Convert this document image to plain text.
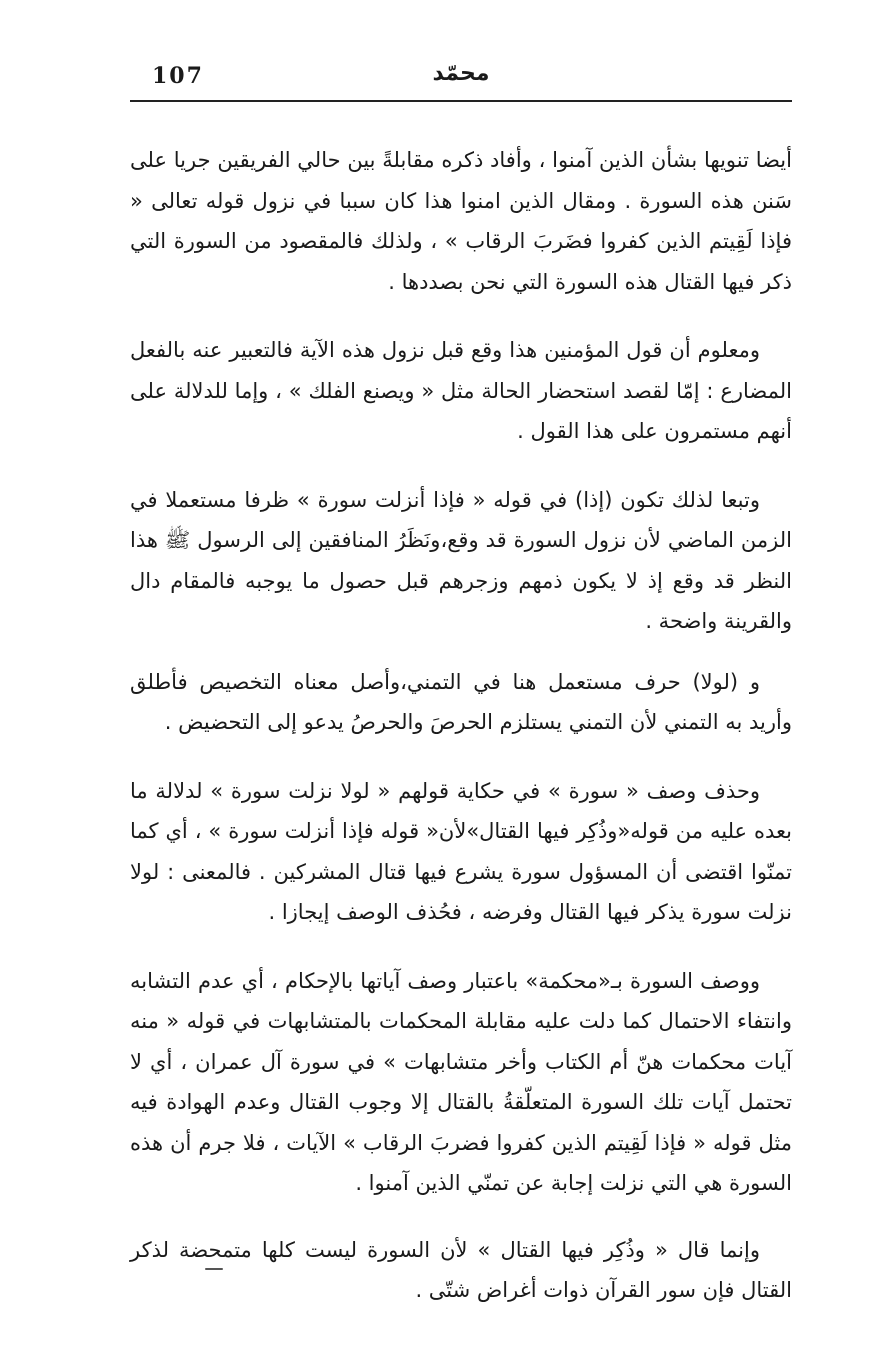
107	محمّد

أيضا تنويها بشأن الذين آمنوا ، وأفاد ذكره مقابلةً بين حالي الفريقين جريا على سَنن هذه السورة . ومقال الذين امنوا هذا كان سببا في نزول قوله تعالى « فإذا لَقِيتم الذين كفروا فضَربَ الرقاب » ، ولذلك فالمقصود من السورة التي ذكر فيها القتال هذه السورة التي نحن بصددها .

ومعلوم أن قول المؤمنين هذا وقع قبل نزول هذه الآية فالتعبير عنه بالفعل المضارع : إمّا لقصد استحضار الحالة مثل « ويصنع الفلك » ، وإما للدلالة على أنهم مستمرون على هذا القول .

وتبعا لذلك تكون (إذا) في قوله « فإذا أنزلت سورة » ظرفا مستعملا في الزمن الماضي لأن نزول السورة قد وقع،ونَظَرُ المنافقين إلى الرسول ﷺ هذا النظر قد وقع إذ لا يكون ذمهم وزجرهم قبل حصول ما يوجبه فالمقام دال والقرينة واضحة .

و (لولا) حرف مستعمل هنا في التمني،وأصل معناه التخصيص فأطلق وأريد به التمني لأن التمني يستلزم الحرصَ والحرصُ يدعو إلى التحضيض .

وحذف وصف « سورة » في حكاية قولهم « لولا نزلت سورة » لدلالة ما بعده عليه من قوله«وذُكِر فيها القتال»لأن« قوله فإذا أنزلت سورة » ، أي كما تمنّوا اقتضى أن المسؤول سورة يشرع فيها قتال المشركين . فالمعنى : لولا نزلت سورة يذكر فيها القتال وفرضه ، فحُذف الوصف إيجازا .

ووصف السورة بـ«محكمة» باعتبار وصف آياتها بالإحكام ، أي عدم التشابه وانتفاء الاحتمال كما دلت عليه مقابلة المحكمات بالمتشابهات في قوله « منه آيات محكمات هنّ أم الكتاب وأخر متشابهات » في سورة آل عمران ، أي لا تحتمل آيات تلك السورة المتعلّقةُ بالقتال إلا وجوب القتال وعدم الهوادة فيه مثل قوله « فإذا لَقِيتم الذين كفروا فضربَ الرقاب » الآيات ، فلا جرم أن هذه السورة هي التي نزلت إجابة عن تمنّي الذين آمنوا .

وإنما قال « وذُكِر فيها القتال » لأن السورة ليست كلها متمحضة لذكر القتال فإن سور القرآن ذوات أغراض شتّى .
